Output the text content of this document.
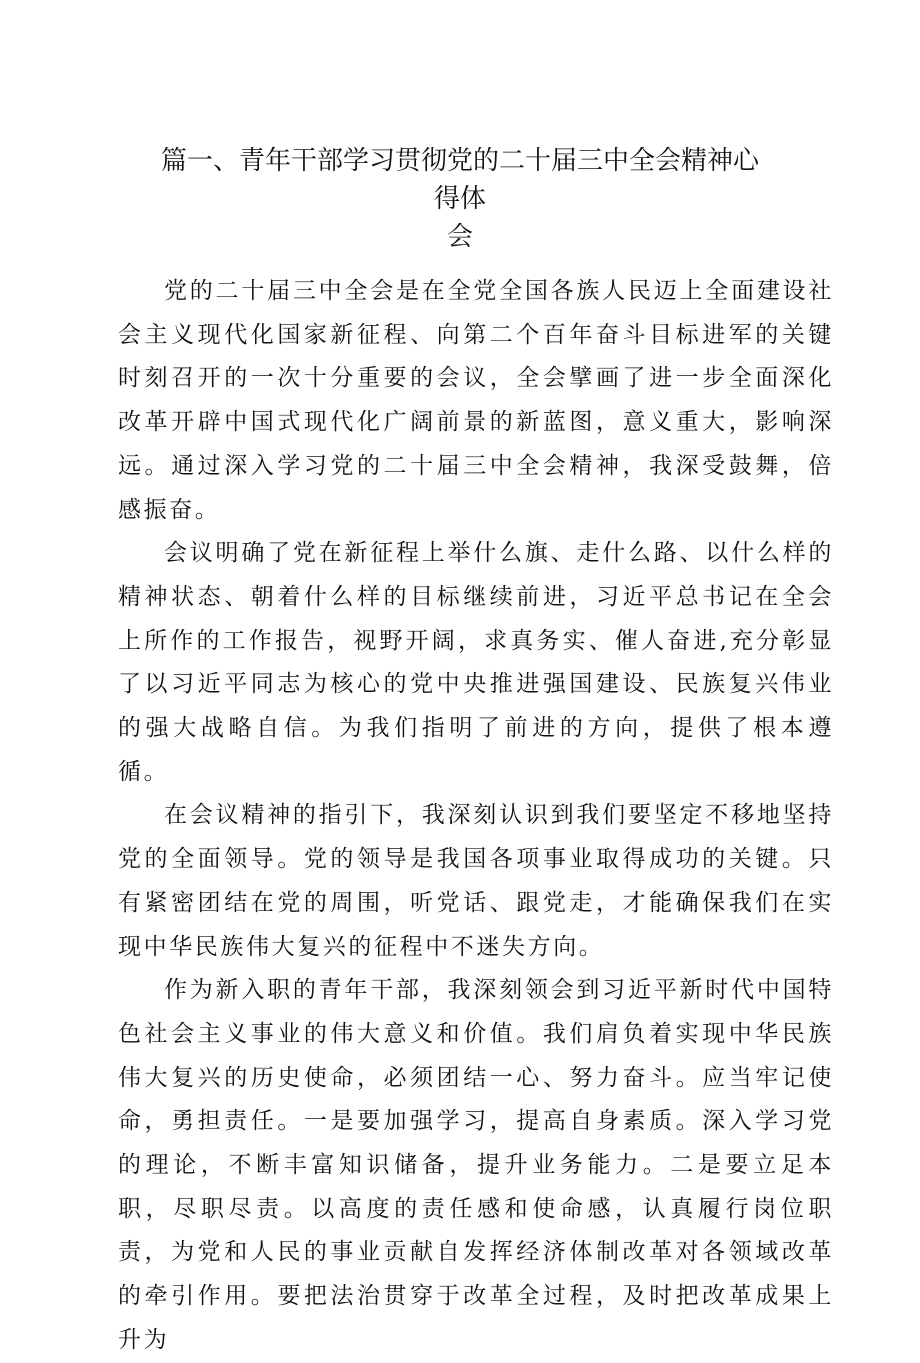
篇一、青年干部学习贯彻党的二十届三中全会精神心得体
会

党的二十届三中全会是在全党全国各族人民迈上全面建设社会主义现代化国家新征程、向第二个百年奋斗目标进军的关键时刻召开的一次十分重要的会议，全会擘画了进一步全面深化改革开辟中国式现代化广阔前景的新蓝图，意义重大，影响深远。通过深入学习党的二十届三中全会精神，我深受鼓舞，倍感振奋。

会议明确了党在新征程上举什么旗、走什么路、以什么样的精神状态、朝着什么样的目标继续前进，习近平总书记在全会上所作的工作报告，视野开阔，求真务实、催人奋进,充分彰显了以习近平同志为核心的党中央推进强国建设、民族复兴伟业的强大战略自信。为我们指明了前进的方向，提供了根本遵循。

在会议精神的指引下，我深刻认识到我们要坚定不移地坚持党的全面领导。党的领导是我国各项事业取得成功的关键。只有紧密团结在党的周围，听党话、跟党走，才能确保我们在实现中华民族伟大复兴的征程中不迷失方向。

作为新入职的青年干部，我深刻领会到习近平新时代中国特色社会主义事业的伟大意义和价值。我们肩负着实现中华民族伟大复兴的历史使命，必须团结一心、努力奋斗。应当牢记使命，勇担责任。一是要加强学习，提高自身素质。深入学习党的理论，不断丰富知识储备，提升业务能力。二是要立足本职，尽职尽责。以高度的责任感和使命感，认真履行岗位职责，为党和人民的事业贡献自发挥经济体制改革对各领域改革的牵引作用。要把法治贯穿于改革全过程，及时把改革成果上升为
